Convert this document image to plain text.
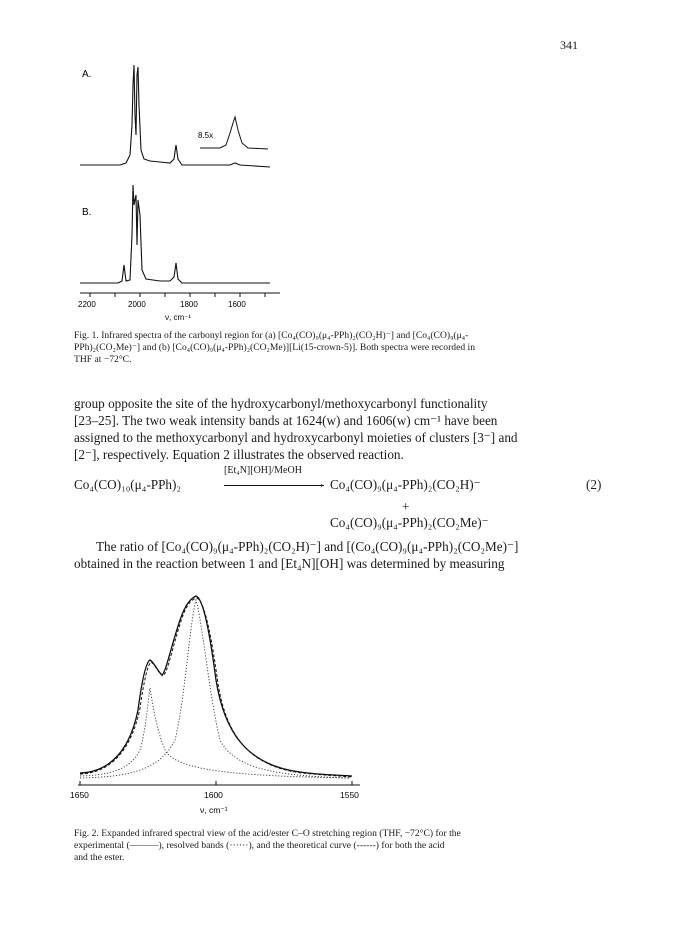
341
A.
8.5x
B.
2200	2000	1800	1600
ν, cm⁻¹
Fig. 1. Infrared spectra of the carbonyl region for (a) [Co₄(CO)₉(μ₄-PPh)₂(CO₂H)⁻] and [Co₄(CO)₉(μ₄-
PPh)₂(CO₂Me)⁻] and (b) [Co₄(CO)₉(μ₄-PPh)₂(CO₂Me)][Li(15-crown-5)]. Both spectra were recorded in
THF at −72°C.
group opposite the site of the hydroxycarbonyl/methoxycarbonyl functionality
[23–25]. The two weak intensity bands at 1624(w) and 1606(w) cm⁻¹ have been
assigned to the methoxycarbonyl and hydroxycarbonyl moieties of clusters [3⁻] and
[2⁻], respectively. Equation 2 illustrates the observed reaction.
Co₄(CO)₁₀(μ₄-PPh)₂
[Et₄N][OH]/MeOH
› Co₄(CO)₉(μ₄-PPh)₂(CO₂H)⁻	(2)
+
Co₄(CO)₉(μ₄-PPh)₂(CO₂Me)⁻
The ratio of [Co₄(CO)₉(μ₄-PPh)₂(CO₂H)⁻] and [(Co₄(CO)₉(μ₄-PPh)₂(CO₂Me)⁻]
obtained in the reaction between 1 and [Et₄N][OH] was determined by measuring
1650	1600	1550
ν, cm⁻¹
Fig. 2. Expanded infrared spectral view of the acid/ester C–O stretching region (THF, −72°C) for the
experimental (———), resolved bands (······), and the theoretical curve (------) for both the acid
and the ester.
